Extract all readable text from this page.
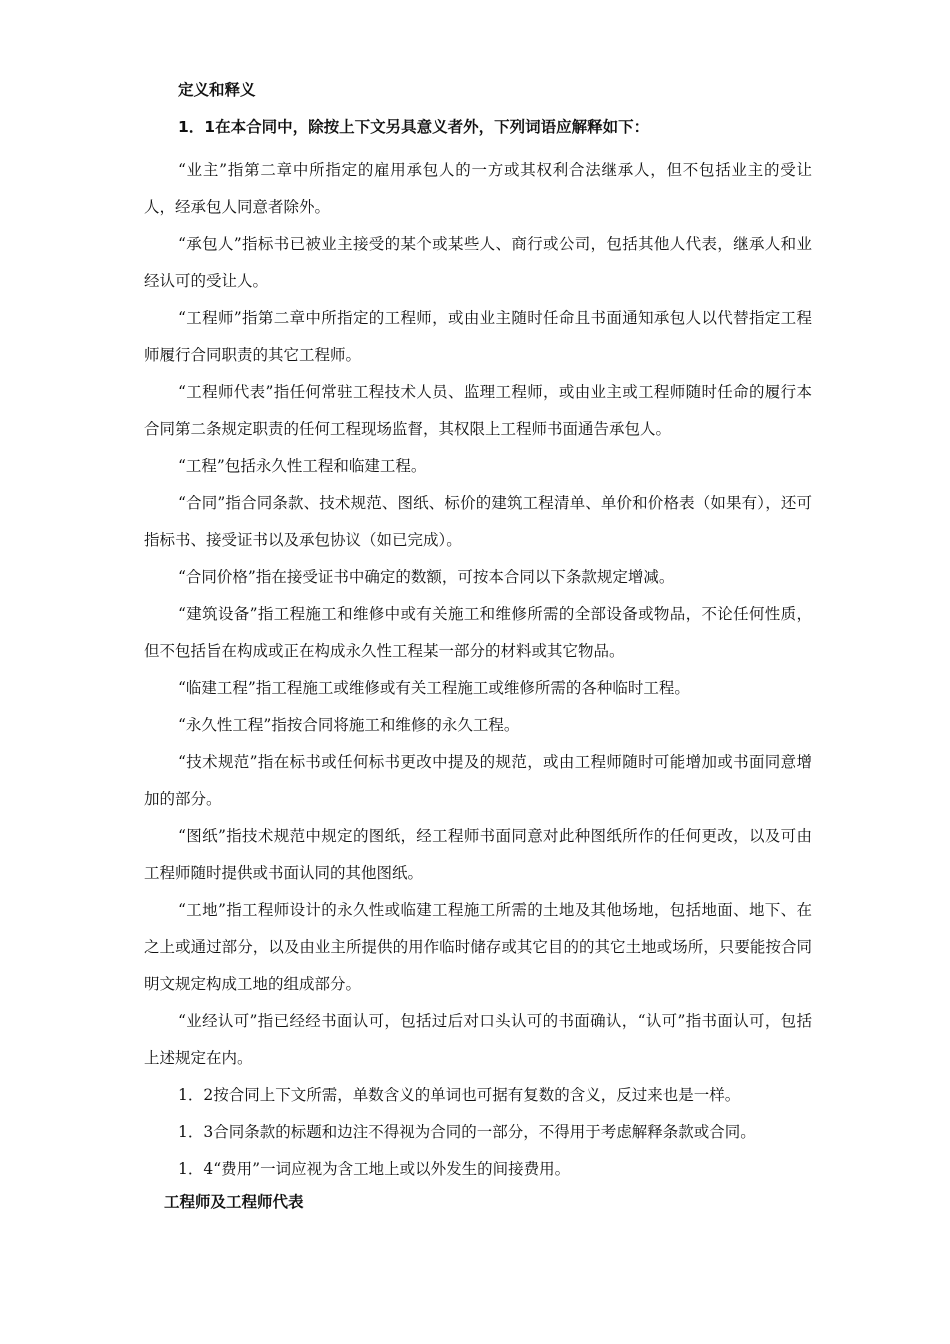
定义和释义
1．1在本合同中，除按上下文另具意义者外，下列词语应解释如下：

“业主”指第二章中所指定的雇用承包人的一方或其权利合法继承人，但不包括业主的受让人，经承包人同意者除外。

“承包人”指标书已被业主接受的某个或某些人、商行或公司，包括其他人代表，继承人和业经认可的受让人。

“工程师”指第二章中所指定的工程师，或由业主随时任命且书面通知承包人以代替指定工程师履行合同职责的其它工程师。

“工程师代表”指任何常驻工程技术人员、监理工程师，或由业主或工程师随时任命的履行本合同第二条规定职责的任何工程现场监督，其权限上工程师书面通告承包人。

“工程”包括永久性工程和临建工程。

“合同”指合同条款、技术规范、图纸、标价的建筑工程清单、单价和价格表（如果有），还可指标书、接受证书以及承包协议（如已完成）。

“合同价格”指在接受证书中确定的数额，可按本合同以下条款规定增减。

“建筑设备”指工程施工和维修中或有关施工和维修所需的全部设备或物品，不论任何性质，但不包括旨在构成或正在构成永久性工程某一部分的材料或其它物品。

“临建工程”指工程施工或维修或有关工程施工或维修所需的各种临时工程。

“永久性工程”指按合同将施工和维修的永久工程。

“技术规范”指在标书或任何标书更改中提及的规范，或由工程师随时可能增加或书面同意增加的部分。

“图纸”指技术规范中规定的图纸，经工程师书面同意对此种图纸所作的任何更改，以及可由工程师随时提供或书面认同的其他图纸。

“工地”指工程师设计的永久性或临建工程施工所需的土地及其他场地，包括地面、地下、在之上或通过部分，以及由业主所提供的用作临时储存或其它目的的其它土地或场所，只要能按合同明文规定构成工地的组成部分。

“业经认可”指已经经书面认可，包括过后对口头认可的书面确认，“认可”指书面认可，包括上述规定在内。

1．2按合同上下文所需，单数含义的单词也可据有复数的含义，反过来也是一样。
1．3合同条款的标题和边注不得视为合同的一部分，不得用于考虑解释条款或合同。
1．4“费用”一词应视为含工地上或以外发生的间接费用。
工程师及工程师代表
